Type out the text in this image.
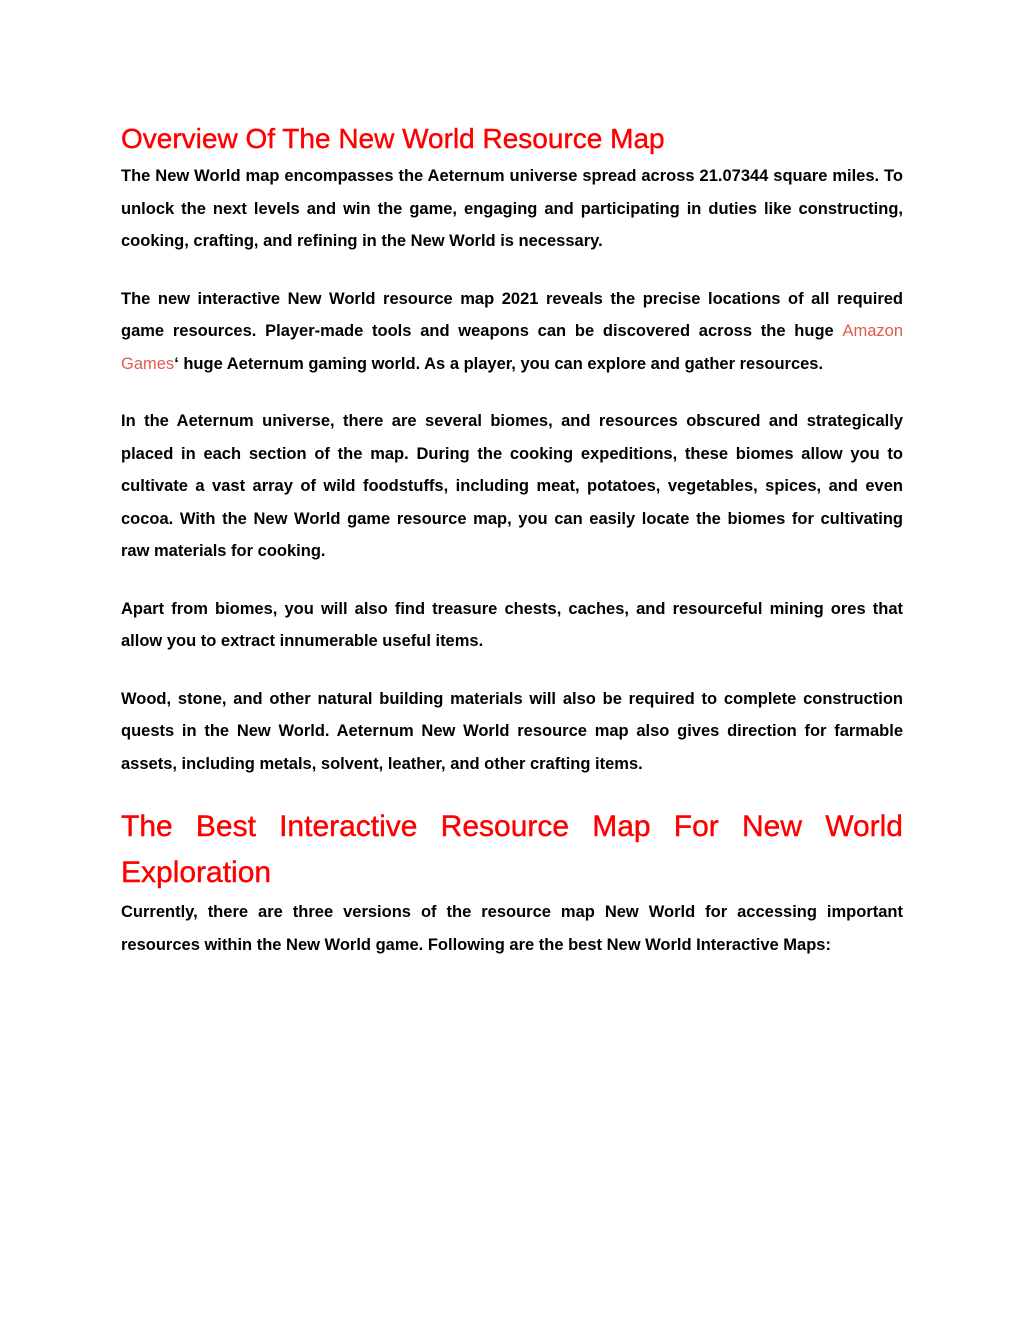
Overview Of The New World Resource Map

The New World map encompasses the Aeternum universe spread across 21.07344 square miles. To unlock the next levels and win the game, engaging and participating in duties like constructing, cooking, crafting, and refining in the New World is necessary.

The new interactive New World resource map 2021 reveals the precise locations of all required game resources. Player-made tools and weapons can be discovered across the huge Amazon Games‘ huge Aeternum gaming world. As a player, you can explore and gather resources.

In the Aeternum universe, there are several biomes, and resources obscured and strategically placed in each section of the map. During the cooking expeditions, these biomes allow you to cultivate a vast array of wild foodstuffs, including meat, potatoes, vegetables, spices, and even cocoa. With the New World game resource map, you can easily locate the biomes for cultivating raw materials for cooking.

Apart from biomes, you will also find treasure chests, caches, and resourceful mining ores that allow you to extract innumerable useful items.

Wood, stone, and other natural building materials will also be required to complete construction quests in the New World. Aeternum New World resource map also gives direction for farmable assets, including metals, solvent, leather, and other crafting items.

The Best Interactive Resource Map For New World Exploration

Currently, there are three versions of the resource map New World for accessing important resources within the New World game. Following are the best New World Interactive Maps:
